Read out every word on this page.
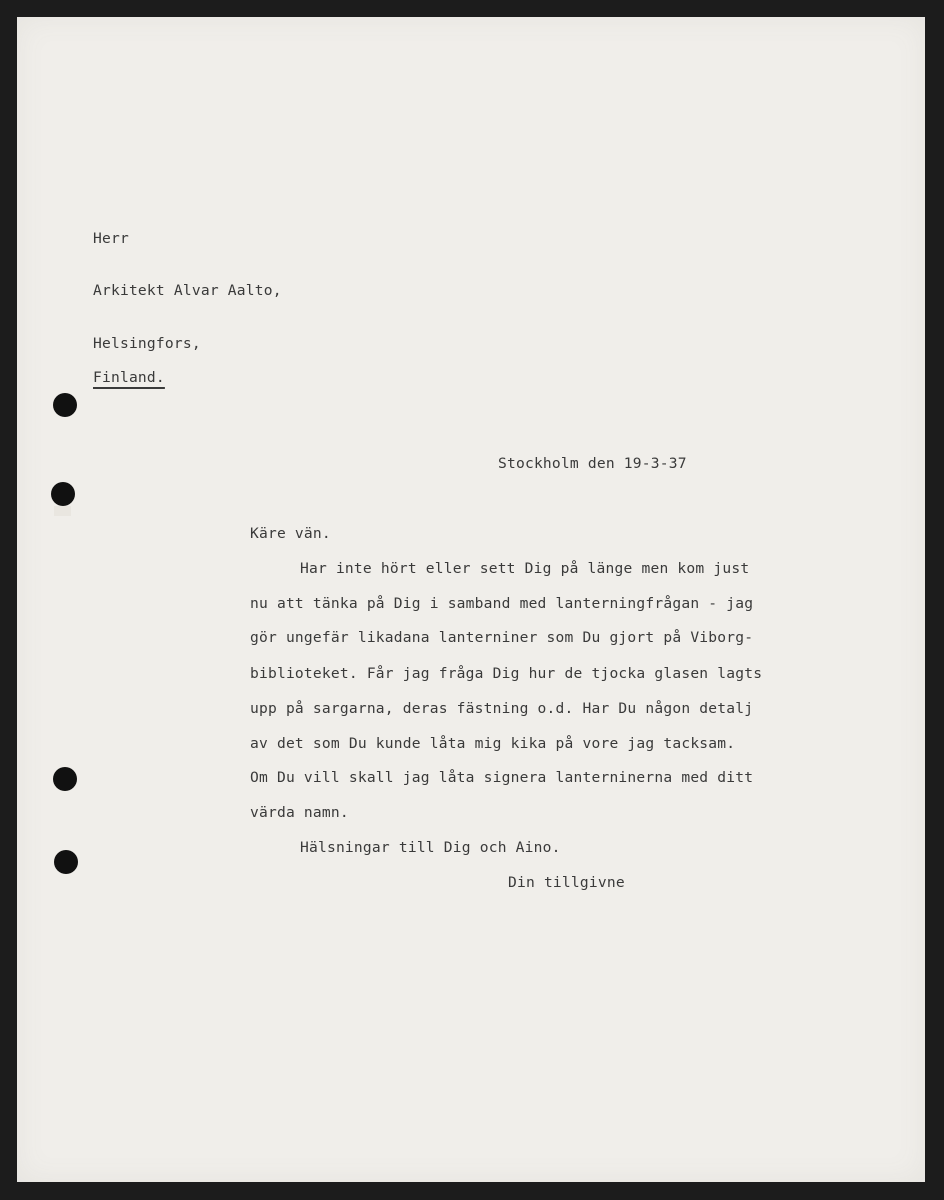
Herr

Arkitekt Alvar Aalto,

Helsingfors,

Finland.

Stockholm den 19-3-37

Käre vän.

Har inte hört eller sett Dig på länge men kom just

nu att tänka på Dig i samband med lanterningfrågan - jag

gör ungefär likadana lanterniner som Du gjort på Viborg-

biblioteket. Får jag fråga Dig hur de tjocka glasen lagts

upp på sargarna, deras fästning o.d. Har Du någon detalj

av det som Du kunde låta mig kika på vore jag tacksam.

Om Du vill skall jag låta signera lanterninerna med ditt

värda namn.

Hälsningar till Dig och Aino.

Din tillgivne
